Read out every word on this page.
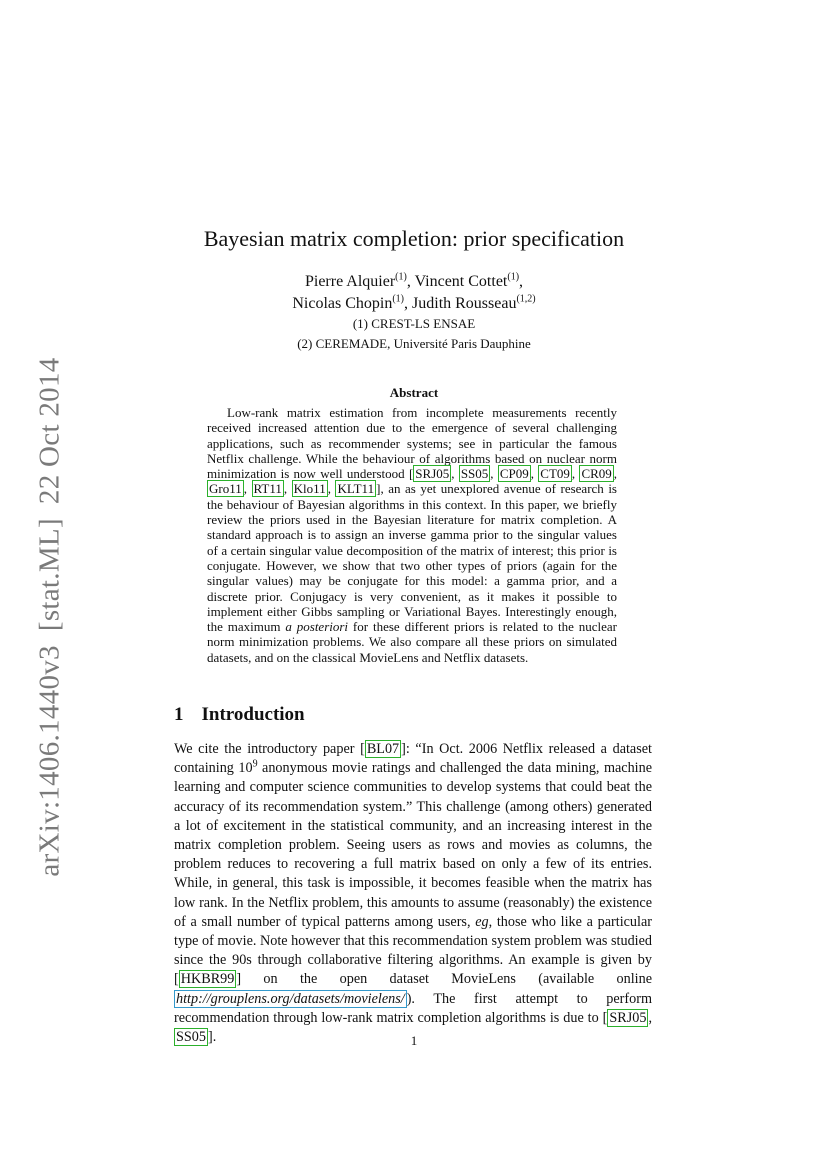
arXiv:1406.1440v3[stat.ML]22 Oct 2014
Bayesian matrix completion: prior specification
Pierre Alquier$^{(1)}$, Vincent Cottet$^{(1)}$,
Nicolas Chopin$^{(1)}$, Judith Rousseau$^{(1,2)}$
(1) CREST-LS ENSAE
(2) CEREMADE, Université Paris Dauphine
Abstract
Low-rank matrix estimation from incomplete measurements recently received increased attention due to the emergence of several challenging applications, such as recommender systems; see in particular the famous Netflix challenge. While the behaviour of algorithms based on nuclear norm minimization is now well understood [ SRJ05 , SS05 , CP09 , CT09 , CR09 , Gro11 , RT11 , Klo11 , KLT11 ], an as yet unexplored avenue of research is the behaviour of Bayesian algorithms in this context. In this paper, we briefly review the priors used in the Bayesian literature for matrix completion. A standard approach is to assign an inverse gamma prior to the singular values of a certain singular value decomposition of the matrix of interest; this prior is conjugate. However, we show that two other types of priors (again for the singular values) may be conjugate for this model: a gamma prior, and a discrete prior. Conjugacy is very convenient, as it makes it possible to implement either Gibbs sampling or Variational Bayes. Interestingly enough, the maximum a posteriori for these different priors is related to the nuclear norm minimization problems. We also compare all these priors on simulated datasets, and on the classical MovieLens and Netflix datasets.
1 Introduction
We cite the introductory paper [ BL07 ]: “In Oct. 2006 Netflix released a dataset containing $10^9$ anonymous movie ratings and challenged the data mining, machine learning and computer science communities to develop systems that could beat the accuracy of its recommendation system.” This challenge (among others) generated a lot of excitement in the statistical community, and an increasing interest in the matrix completion problem. Seeing users as rows and movies as columns, the problem reduces to recovering a full matrix based on only a few of its entries. While, in general, this task is impossible, it becomes feasible when the matrix has low rank. In the Netflix problem, this amounts to assume (reasonably) the existence of a small number of typical patterns among users, eg, those who like a particular type of movie. Note however that this recommendation system problem was studied since the 90s through collaborative filtering algorithms. An example is given by [ HKBR99 ] on the open dataset MovieLens (available online http://grouplens.org/datasets/movielens/ ). The first attempt to perform recommendation through low-rank matrix completion algorithms is due to [ SRJ05 , SS05 ].	1
